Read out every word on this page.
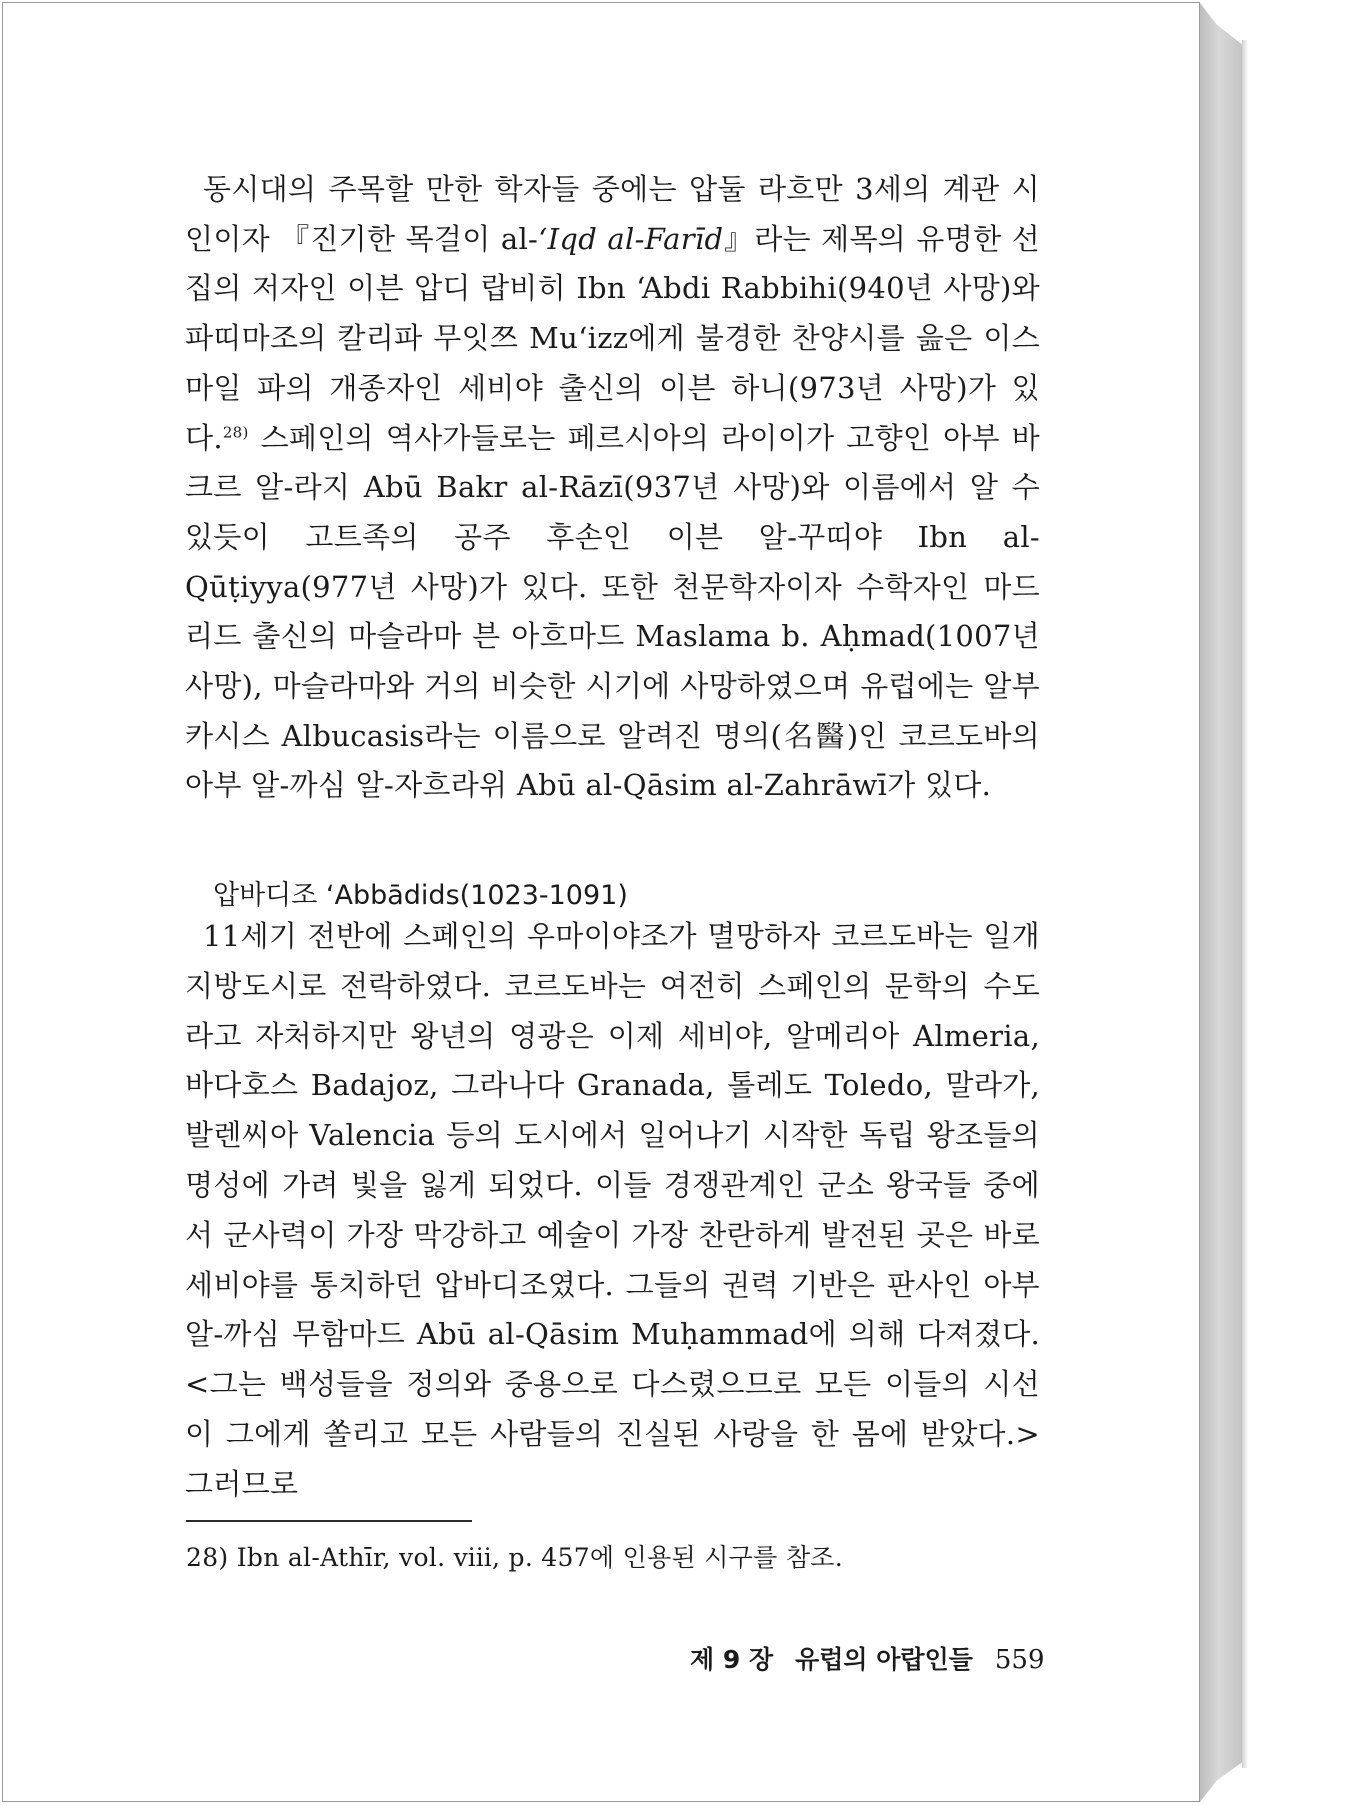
동시대의 주목할 만한 학자들 중에는 압둘 라흐만 3세의 계관 시인이자 『진기한 목걸이 al-ʻIqd al-Farīd』라는 제목의 유명한 선집의 저자인 이븐 압디 랍비히 Ibn ʻAbdi Rabbihi(940년 사망)와 파띠마조의 칼리파 무잇쯔 Muʻizz에게 불경한 찬양시를 읊은 이스마일 파의 개종자인 세비야 출신의 이븐 하니(973년 사망)가 있다.$^{28)}$ 스페인의 역사가들로는 페르시아의 라이이가 고향인 아부 바크르 알-라지 Abū Bakr al-Rāzī(937년 사망)와 이름에서 알 수 있듯이 고트족의 공주 후손인 이븐 알-꾸띠야 Ibn al-Qūṭiyya(977년 사망)가 있다. 또한 천문학자이자 수학자인 마드리드 출신의 마슬라마 븐 아흐마드 Maslama b. Aḥmad(1007년 사망), 마슬라마와 거의 비슷한 시기에 사망하였으며 유럽에는 알부카시스 Albucasis라는 이름으로 알려진 명의(名醫)인 코르도바의 아부 알-까심 알-자흐라위 Abū al-Qāsim al-Zahrāwī가 있다.
압바디조 ʻAbbādids(1023-1091)
11세기 전반에 스페인의 우마이야조가 멸망하자 코르도바는 일개 지방도시로 전락하였다. 코르도바는 여전히 스페인의 문학의 수도라고 자처하지만 왕년의 영광은 이제 세비야, 알메리아 Almeria, 바다호스 Badajoz, 그라나다 Granada, 톨레도 Toledo, 말라가, 발렌씨아 Valencia 등의 도시에서 일어나기 시작한 독립 왕조들의 명성에 가려 빛을 잃게 되었다. 이들 경쟁관계인 군소 왕국들 중에서 군사력이 가장 막강하고 예술이 가장 찬란하게 발전된 곳은 바로 세비야를 통치하던 압바디조였다. 그들의 권력 기반은 판사인 아부 알-까심 무함마드 Abū al-Qāsim Muḥammad에 의해 다져졌다. <그는 백성들을 정의와 중용으로 다스렸으므로 모든 이들의 시선이 그에게 쏠리고 모든 사람들의 진실된 사랑을 한 몸에 받았다.> 그러므로
28) Ibn al-Athīr, vol. ⅷ, p. 457에 인용된 시구를 참조.
제 9 장 유럽의 아랍인들 559
